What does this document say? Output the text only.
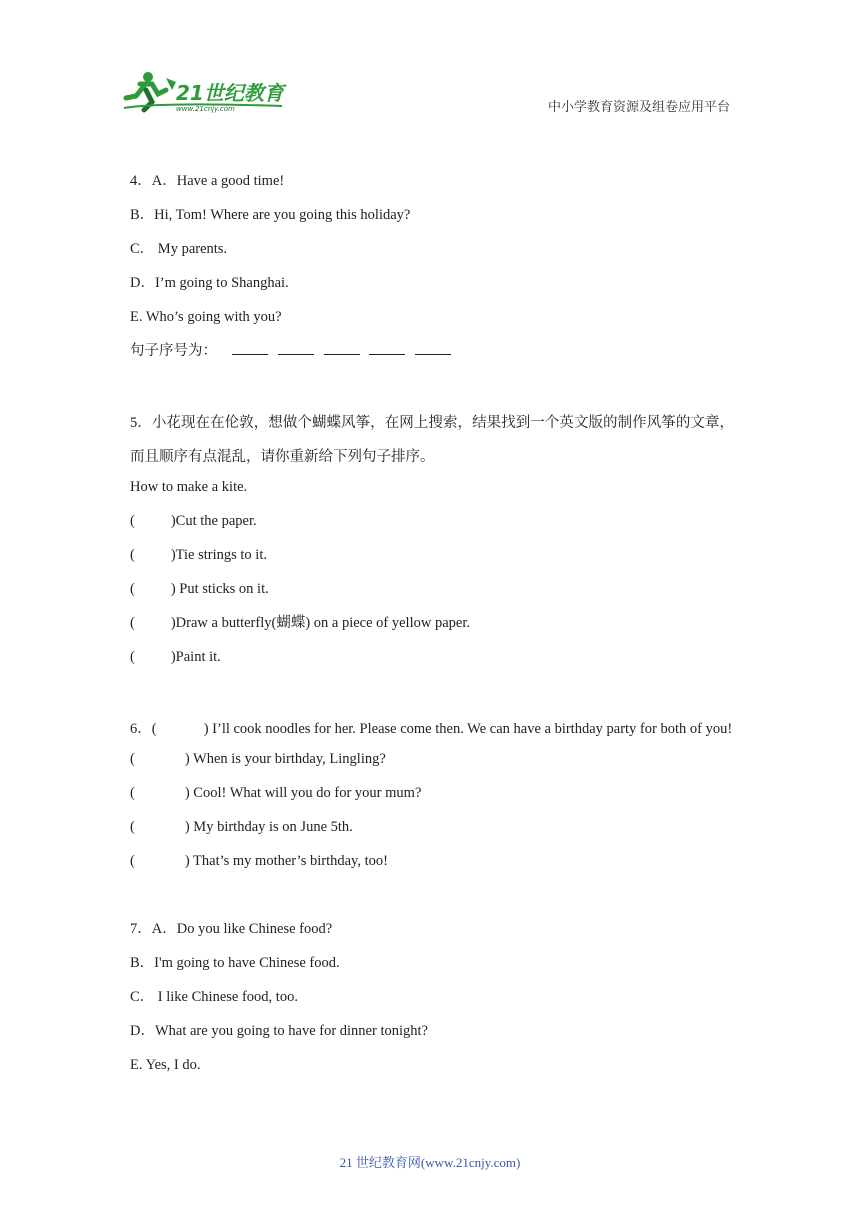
21世纪教育
www.21cnjy.com	中小学教育资源及组卷应用平台
4．A．Have a good time!
B．Hi, Tom! Where are you going this holiday?
C． My parents.
D．I’m going to Shanghai.
E. Who’s going with you?
句子序号为：
5．小花现在在伦敦，想做个蝴蝶风筝，在网上搜索，结果找到一个英文版的制作风筝的文章，而且顺序有点混乱，请你重新给下列句子排序。
How to make a kite.
( )Cut the paper.
( )Tie strings to it.
( ) Put sticks on it.
( )Draw a butterfly(蝴蝶) on a piece of yellow paper.
( )Paint it.
6．(             ) I’ll cook noodles for her. Please come then. We can have a birthday party for both of you!
(	) When is your birthday, Lingling?
(	) Cool! What will you do for your mum?
(	) My birthday is on June 5th.
(	) That’s my mother’s birthday, too!
7．A．Do you like Chinese food?
B．I'm going to have Chinese food.
C． I like Chinese food, too.
D．What are you going to have for dinner tonight?
E. Yes, I do.
21 世纪教育网(www.21cnjy.com)
